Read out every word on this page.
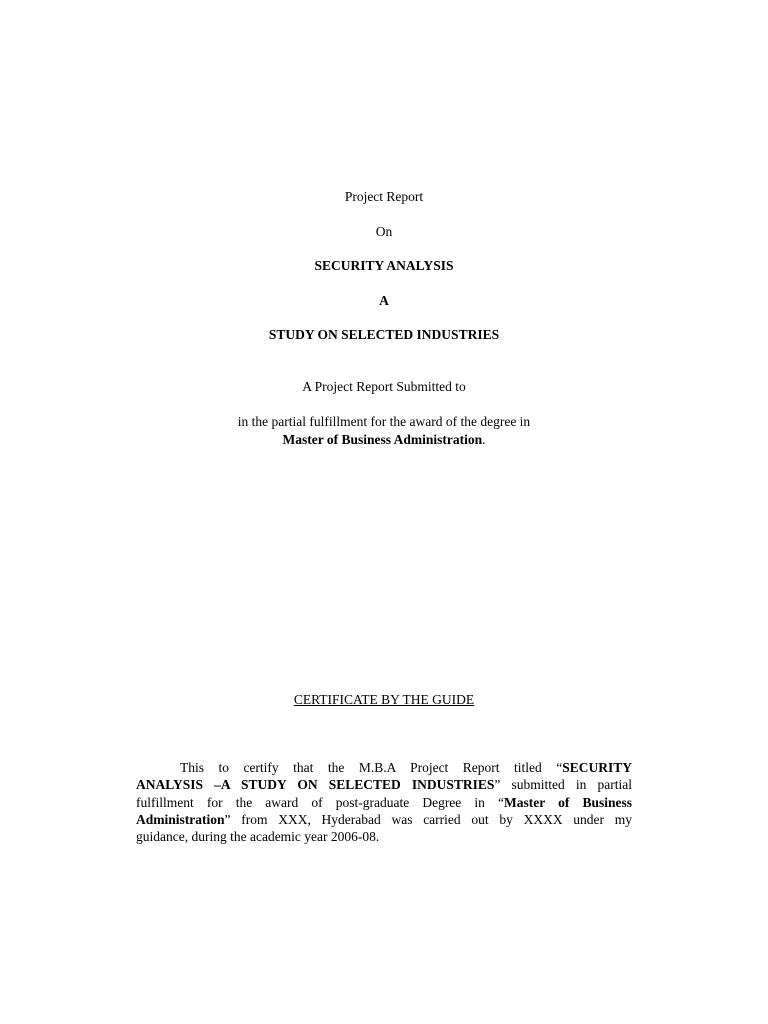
Project Report
On
SECURITY ANALYSIS
A
STUDY ON SELECTED INDUSTRIES
A Project Report Submitted to
in the partial fulfillment for the award of the degree in
Master of Business Administration.
CERTIFICATE BY THE GUIDE
This to certify that the M.B.A Project Report titled “SECURITY
ANALYSIS –A STUDY ON SELECTED INDUSTRIES” submitted in partial
fulfillment for the award of post-graduate Degree in “Master of Business
Administration” from XXX, Hyderabad was carried out by XXXX under my
guidance, during the academic year 2006-08.
